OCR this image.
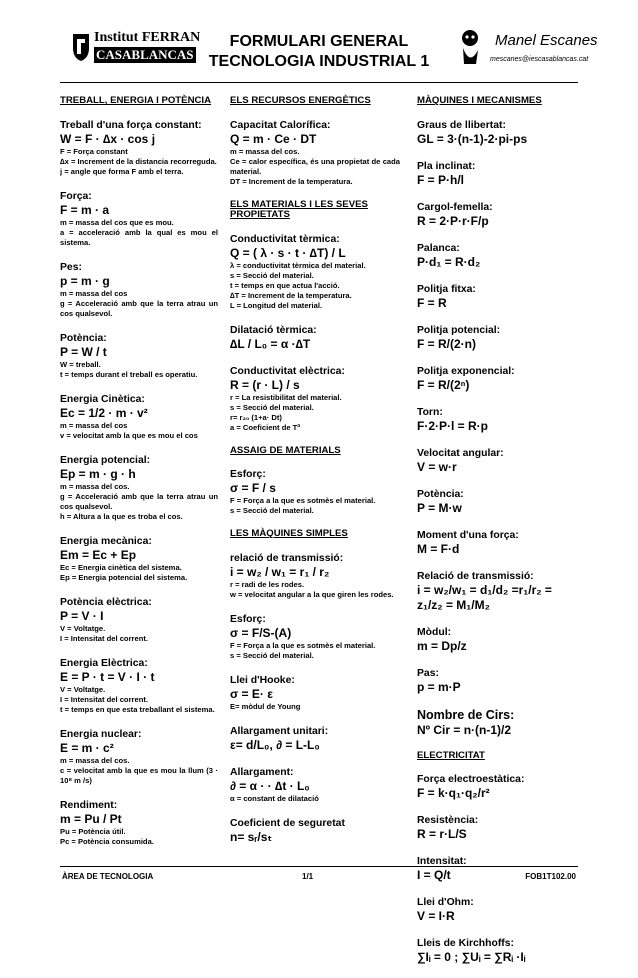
Institut FERRAN
CASABLANCAS
FORMULARI GENERAL
TECNOLOGIA INDUSTRIAL 1
Manel Escanes
mescanes@iescasablancas.cat
TREBALL, ENERGIA I POTÈNCIA
Treball d'una força constant:
W = F · ∆x · cos j
F = Força constant
∆x = Increment de la distancia recorreguda.
j = angle que forma F amb el terra.
Força:
F = m · a
m = massa del cos que es mou.
a = acceleració amb la qual es mou el sistema.
Pes:
p = m · g
m = massa del cos
g = Acceleració amb que la terra atrau un cos qualsevol.
Potència:
P = W / t
W = treball.
t = temps durant el treball es operatiu.
Energia Cinètica:
Ec = 1/2 · m · v²
m = massa del cos
v = velocitat amb la que es mou el cos
Energia potencial:
Ep = m · g · h
m = massa del cos.
g = Acceleració amb que la terra atrau un cos qualsevol.
h = Altura a la que es troba el cos.
Energia mecànica:
Em = Ec + Ep
Ec = Energia cinètica del sistema.
Ep = Energia potencial del sistema.
Potència elèctrica:
P = V · I
V = Voltatge.
I = Intensitat del corrent.
Energia Elèctrica:
E = P · t = V · I · t
V = Voltatge.
I = Intensitat del corrent.
t = temps en que esta treballant el sistema.
Energia nuclear:
E = m · c²
m = massa del cos.
c = velocitat amb la que es mou la llum (3 · 10⁸ m /s)
Rendiment:
m = Pu / Pt
Pu = Potència útil.
Pc = Potència consumida.
ELS RECURSOS ENERGÈTICS
Capacitat Calorífica:
Q = m · Ce · DT
m = massa del cos.
Ce = calor específica, és una propietat de cada material.
DT = Increment de la temperatura.
ELS MATERIALS I LES SEVES PROPIETATS
Conductivitat tèrmica:
Q = ( λ · s · t · ∆T) / L
λ = conductivitat tèrmica del material.
s = Secció del material.
t = temps en que actua l'acció.
∆T = Increment de la temperatura.
L = Longitud del material.
Dilatació tèrmica:
∆L / L₀ = α ·∆T
Conductivitat elèctrica:
R = (r · L) / s
r = La resistibilitat del material.
s = Secció del material.
r= r₂₀ (1+a· Dt)
a = Coeficient de Tª
ASSAIG DE MATERIALS
Esforç:
σ = F / s
F = Força a la que es sotmès el material.
s = Secció del material.
LES MÀQUINES SIMPLES
relació de transmissió:
i = w₂ / w₁ = r₁ / r₂
r = radi de les rodes.
w = velocitat angular a la que giren les rodes.
Esforç:
σ = F/S-(A)
F = Força a la que es sotmès el material.
s = Secció del material.
Llei d'Hooke:
σ = E· ε
E= mòdul de Young
Allargament unitari:
ε= d/L₀, ∂ = L-L₀
Allargament:
∂ = α · · ∆t · L₀
α = constant de dilatació
Coeficient de seguretat
n= sᵣ/sₜ
MÀQUINES I MECANISMES
Graus de llibertat:
GL = 3·(n-1)-2·pi-ps
Pla inclinat:
F = P·h/l
Cargol-femella:
R = 2·P·r·F/p
Palanca:
P·d₁ = R·d₂
Politja fitxa:
F = R
Politja potencial:
F = R/(2·n)
Politja exponencial:
F = R/(2ⁿ)
Torn:
F·2·P·l = R·p
Velocitat angular:
V = w·r
Potència:
P = M·w
Moment d'una força:
M = F·d
Relació de transmissió:
i = w₂/w₁ = d₁/d₂ =r₁/r₂ = z₁/z₂ = M₁/M₂
Mòdul:
m = Dp/z
Pas:
p = m·P
Nombre de Cirs:
Nº Cir = n·(n-1)/2
ELECTRICITAT
Força electroestàtica:
F = k·q₁·q₂/r²
Resistència:
R = r·L/S
Intensitat:
I = Q/t
Llei d'Ohm:
V = I·R
Lleis de Kirchhoffs:
∑Iᵢ = 0 ; ∑Uᵢ = ∑Rᵢ ·Iᵢ
ÀREA DE TECNOLOGIA	1/1	FOB1T102.00
